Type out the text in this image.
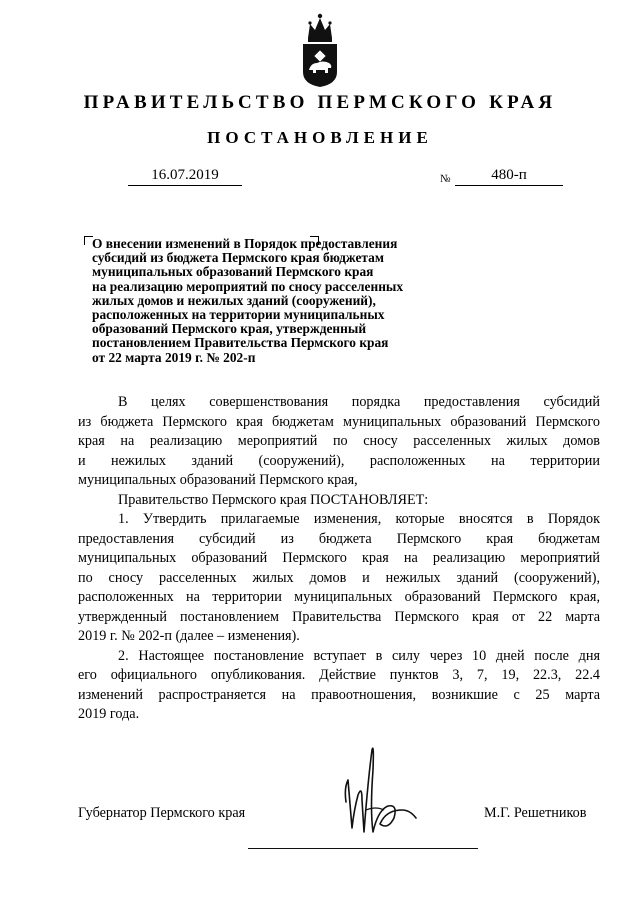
ПРАВИТЕЛЬСТВО ПЕРМСКОГО КРАЯ
ПОСТАНОВЛЕНИЕ
16.07.2019	№	480-п
О внесении изменений в Порядок предоставления
субсидий из бюджета Пермского края бюджетам
муниципальных образований Пермского края
на реализацию мероприятий по сносу расселенных
жилых домов и нежилых зданий (сооружений),
расположенных на территории муниципальных
образований Пермского края, утвержденный
постановлением Правительства Пермского края
от 22 марта 2019 г. № 202-п
В целях совершенствования порядка предоставления субсидий
из бюджета Пермского края бюджетам муниципальных образований Пермского
края на реализацию мероприятий по сносу расселенных жилых домов
и нежилых зданий (сооружений), расположенных на территории
муниципальных образований Пермского края,
Правительство Пермского края ПОСТАНОВЛЯЕТ:
1. Утвердить прилагаемые изменения, которые вносятся в Порядок
предоставления субсидий из бюджета Пермского края бюджетам
муниципальных образований Пермского края на реализацию мероприятий
по сносу расселенных жилых домов и нежилых зданий (сооружений),
расположенных на территории муниципальных образований Пермского края,
утвержденный постановлением Правительства Пермского края от 22 марта
2019 г. № 202-п (далее – изменения).
2. Настоящее постановление вступает в силу через 10 дней после дня
его официального опубликования. Действие пунктов 3, 7, 19, 22.3, 22.4
изменений распространяется на правоотношения, возникшие с 25 марта
2019 года.
Губернатор Пермского края	М.Г. Решетников
